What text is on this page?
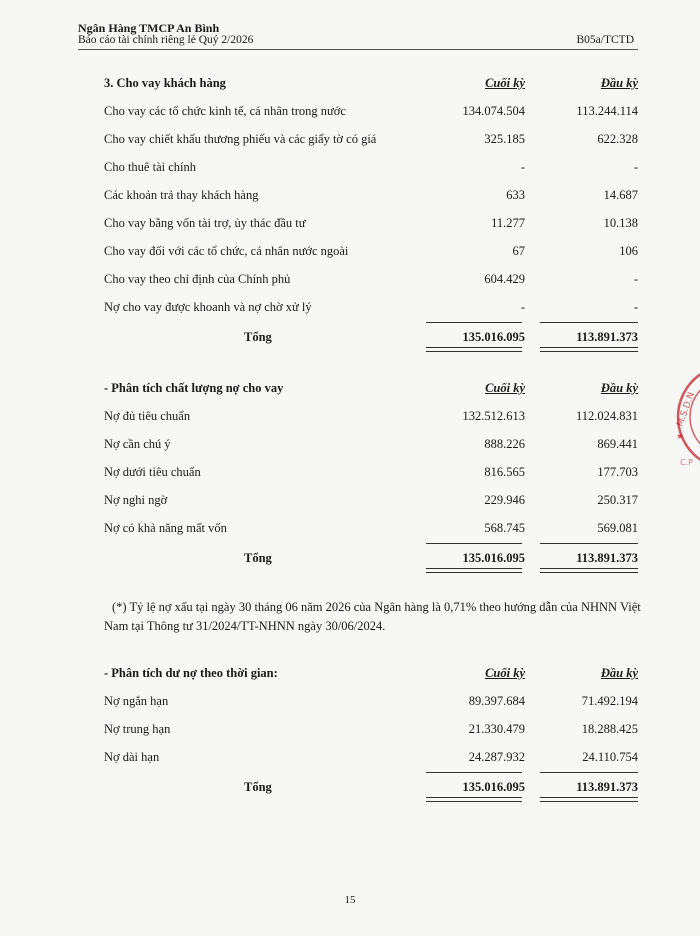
Ngân Hàng TMCP An Bình
Báo cáo tài chính riêng lẻ Quý 2/2026	B05a/TCTD
3. Cho vay khách hàng	Cuối kỳ	Đầu kỳ
Cho vay các tổ chức kinh tế, cá nhân trong nước	134.074.504	113.244.114
Cho vay chiết khấu thương phiếu và các giấy tờ có giá	325.185	622.328
Cho thuê tài chính	-	-
Các khoản trả thay khách hàng	633	14.687
Cho vay bằng vốn tài trợ, ủy thác đầu tư	11.277	10.138
Cho vay đối với các tổ chức, cá nhân nước ngoài	67	106
Cho vay theo chỉ định của Chính phủ	604.429	-
Nợ cho vay được khoanh và nợ chờ xử lý	-	-
Tổng	135.016.095	113.891.373
- Phân tích chất lượng nợ cho vay	Cuối kỳ	Đầu kỳ
Nợ đủ tiêu chuẩn	132.512.613	112.024.831
Nợ cần chú ý	888.226	869.441
Nợ dưới tiêu chuẩn	816.565	177.703
Nợ nghi ngờ	229.946	250.317
Nợ có khả năng mất vốn	568.745	569.081
Tổng	135.016.095	113.891.373
(*) Tỷ lệ nợ xấu tại ngày 30 tháng 06 năm 2026 của Ngân hàng là 0,71% theo hướng dẫn của NHNN Việt
Nam tại Thông tư 31/2024/TT-NHNN ngày 30/06/2024.
- Phân tích dư nợ theo thời gian:	Cuối kỳ	Đầu kỳ
Nợ ngắn hạn	89.397.684	71.492.194
Nợ trung hạn	21.330.479	18.288.425
Nợ dài hạn	24.287.932	24.110.754
Tổng	135.016.095	113.891.373
15
M.S.D.N
★
C.P
